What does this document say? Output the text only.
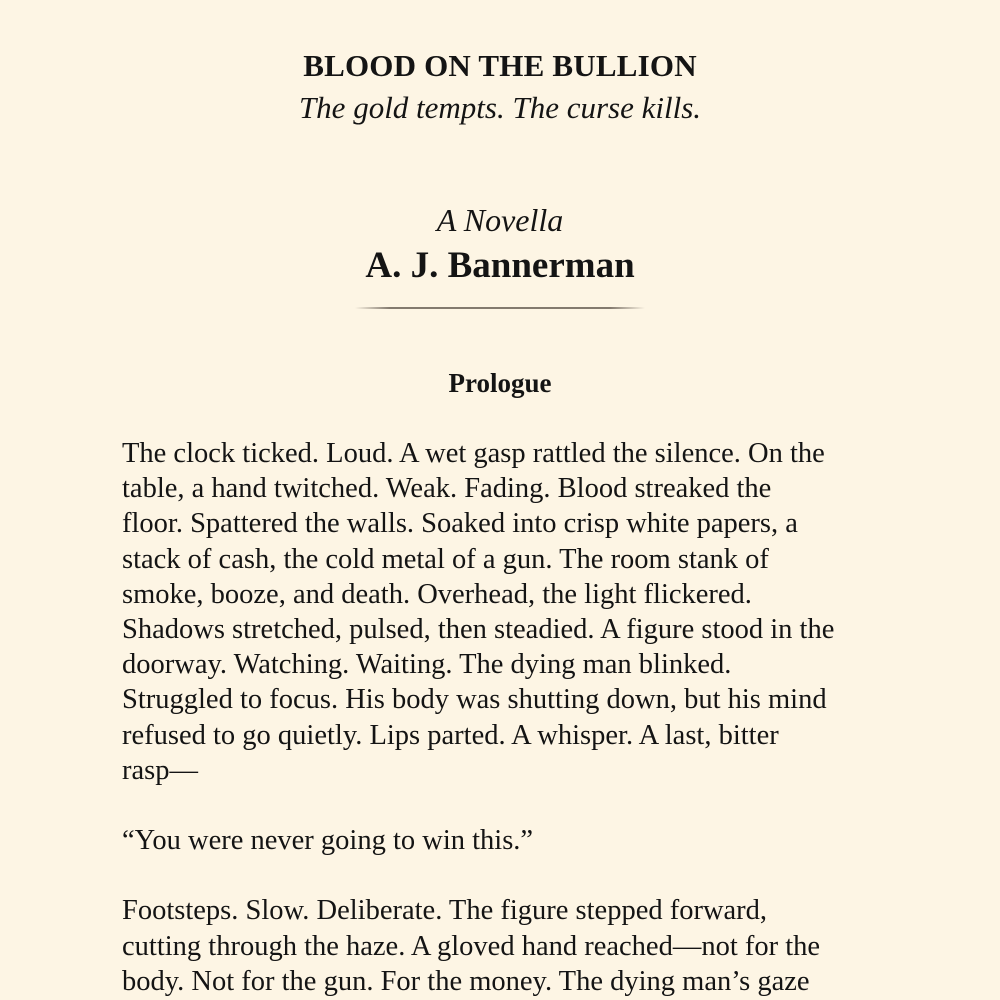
BLOOD ON THE BULLION
The gold tempts. The curse kills.
A Novella
A. J. Bannerman
Prologue
The clock ticked. Loud. A wet gasp rattled the silence. On the
table, a hand twitched. Weak. Fading. Blood streaked the
floor. Spattered the walls. Soaked into crisp white papers, a
stack of cash, the cold metal of a gun. The room stank of
smoke, booze, and death. Overhead, the light flickered.
Shadows stretched, pulsed, then steadied. A figure stood in the
doorway. Watching. Waiting. The dying man blinked.
Struggled to focus. His body was shutting down, but his mind
refused to go quietly. Lips parted. A whisper. A last, bitter
rasp—
“You were never going to win this.”
Footsteps. Slow. Deliberate. The figure stepped forward,
cutting through the haze. A gloved hand reached—not for the
body. Not for the gun. For the money. The dying man’s gaze
